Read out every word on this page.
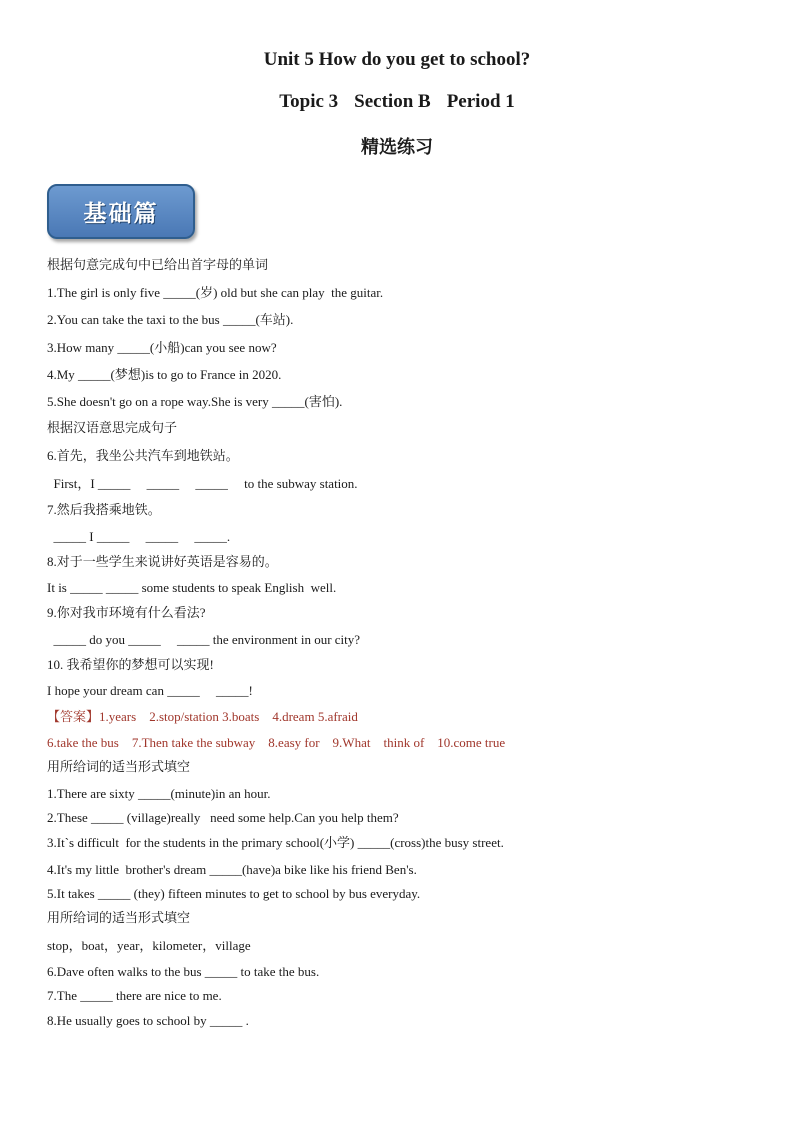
Unit 5 How do you get to school?
Topic 3 Section B Period 1
精选练习
基础篇
根据句意完成句中已给出首字母的单词
1.The girl is only five _____(岁) old but she can play  the guitar.
2.You can take the taxi to the bus _____(车站).
3.How many _____(小船)can you see now?
4.My _____(梦想)is to go to France in 2020.
5.She doesn't go on a rope way.She is very _____(害怕).
根据汉语意思完成句子
6.首先，我坐公共汽车到地铁站。
First，I _____     _____     _____     to the subway station.
7.然后我搭乘地铁。
_____ I _____     _____     _____.
8.对于一些学生来说讲好英语是容易的。
It is _____ _____ some students to speak English  well.
9.你对我市环境有什么看法?
_____ do you _____     _____ the environment in our city?
10. 我希望你的梦想可以实现!
I hope your dream can _____     _____!
【答案】1.years    2.stop/station 3.boats    4.dream 5.afraid
6.take the bus    7.Then take the subway    8.easy for    9.What    think of    10.come true
用所给词的适当形式填空
1.There are sixty _____(minute)in an hour.
2.These _____ (village)really   need some help.Can you help them?
3.It`s difficult  for the students in the primary school(小学) _____(cross)the busy street.
4.It's my little  brother's dream _____(have)a bike like his friend Ben's.
5.It takes _____ (they) fifteen minutes to get to school by bus everyday.
用所给词的适当形式填空
stop，boat，year，kilometer，village
6.Dave often walks to the bus _____ to take the bus.
7.The _____ there are nice to me.
8.He usually goes to school by _____ .
